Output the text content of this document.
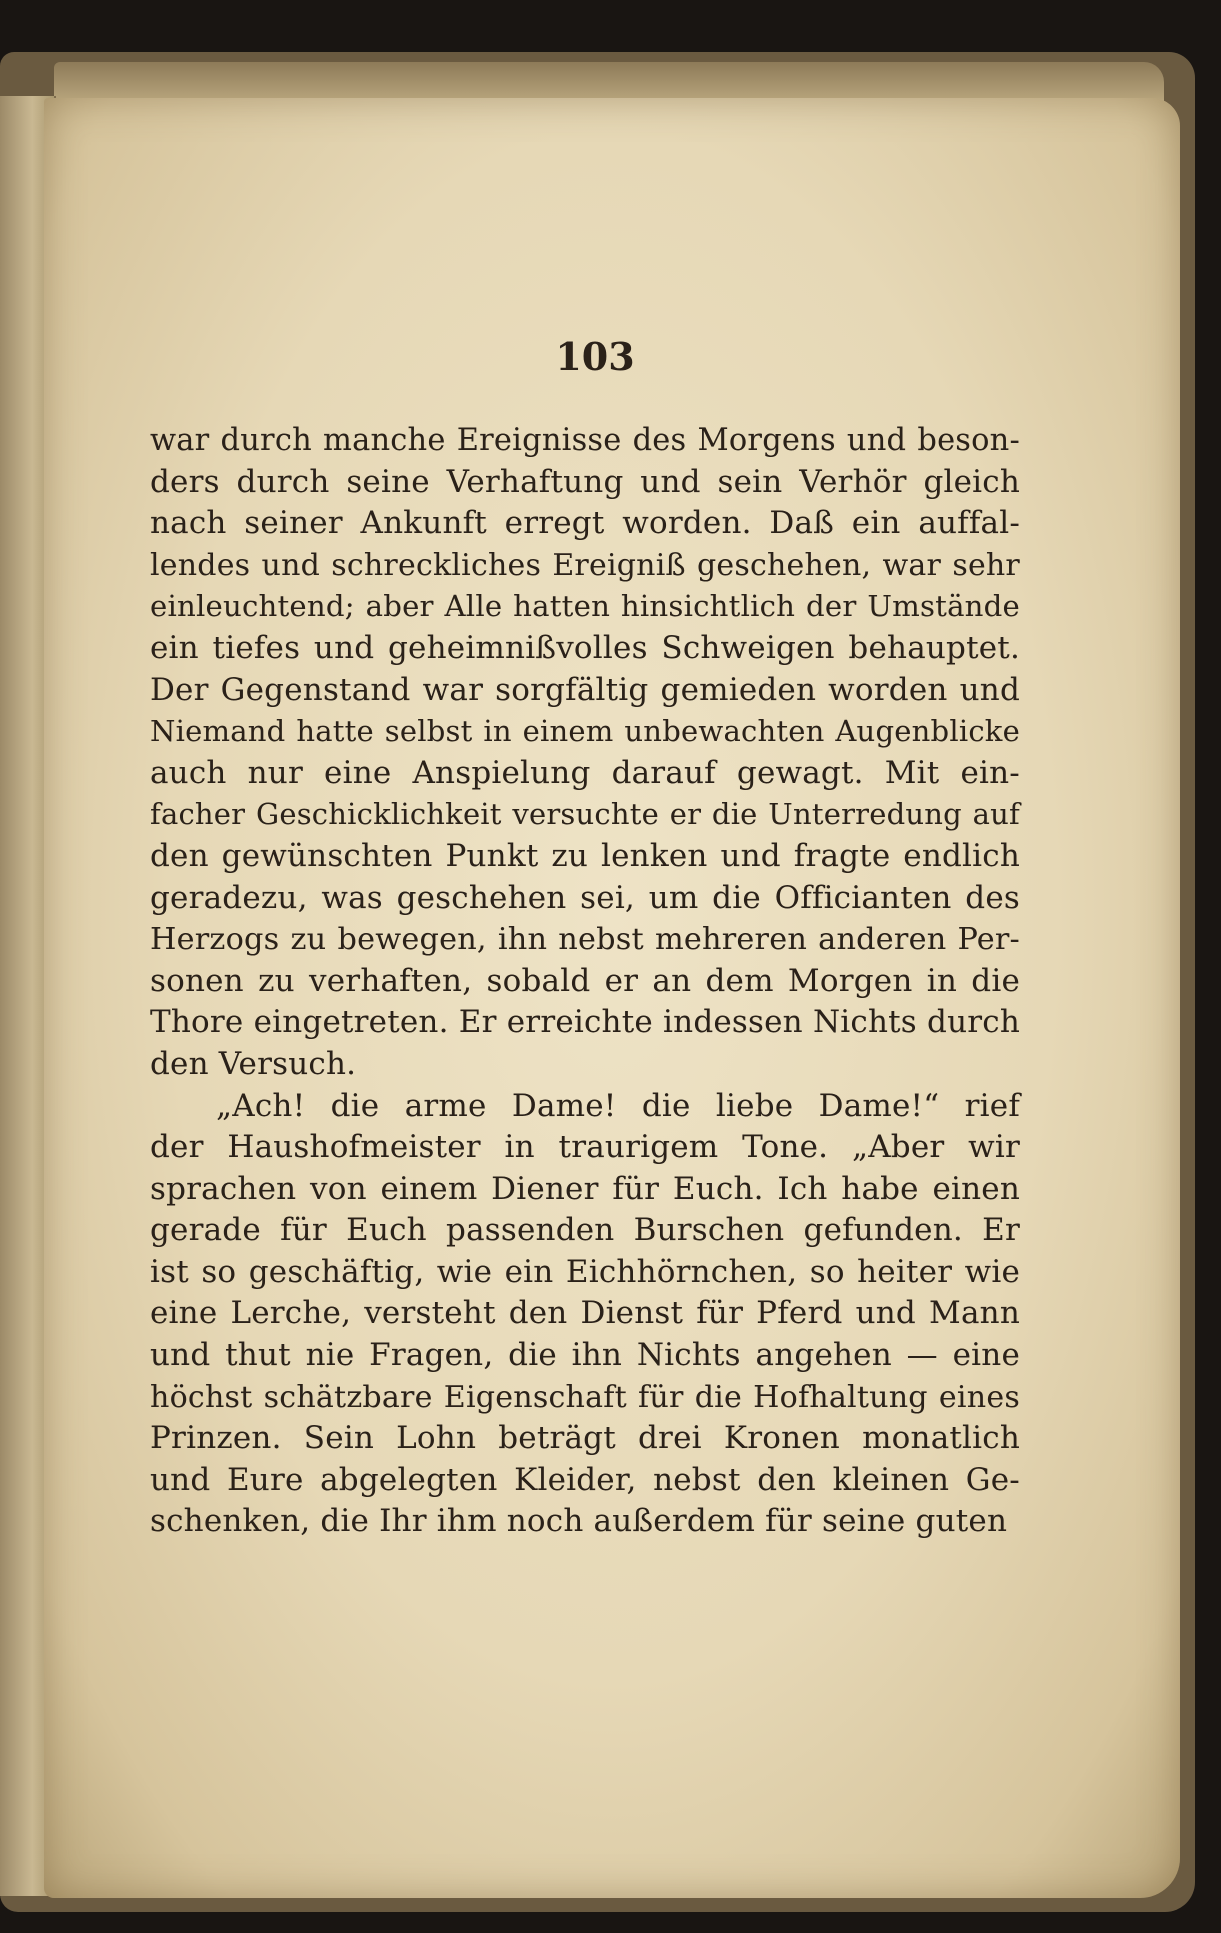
103

war durch manche Ereignisse des Morgens und beson-
ders durch seine Verhaftung und sein Verhör gleich
nach seiner Ankunft erregt worden. Daß ein auffal-
lendes und schreckliches Ereigniß geschehen, war sehr
einleuchtend; aber Alle hatten hinsichtlich der Umstände
ein tiefes und geheimnißvolles Schweigen behauptet.
Der Gegenstand war sorgfältig gemieden worden und
Niemand hatte selbst in einem unbewachten Augenblicke
auch nur eine Anspielung darauf gewagt. Mit ein-
facher Geschicklichkeit versuchte er die Unterredung auf
den gewünschten Punkt zu lenken und fragte endlich
geradezu, was geschehen sei, um die Officianten des
Herzogs zu bewegen, ihn nebst mehreren anderen Per-
sonen zu verhaften, sobald er an dem Morgen in die
Thore eingetreten. Er erreichte indessen Nichts durch
den Versuch.

„Ach! die arme Dame! die liebe Dame!“ rief
der Haushofmeister in traurigem Tone. „Aber wir
sprachen von einem Diener für Euch. Ich habe einen
gerade für Euch passenden Burschen gefunden. Er
ist so geschäftig, wie ein Eichhörnchen, so heiter wie
eine Lerche, versteht den Dienst für Pferd und Mann
und thut nie Fragen, die ihn Nichts angehen — eine
höchst schätzbare Eigenschaft für die Hofhaltung eines
Prinzen. Sein Lohn beträgt drei Kronen monatlich
und Eure abgelegten Kleider, nebst den kleinen Ge-
schenken, die Ihr ihm noch außerdem für seine guten
